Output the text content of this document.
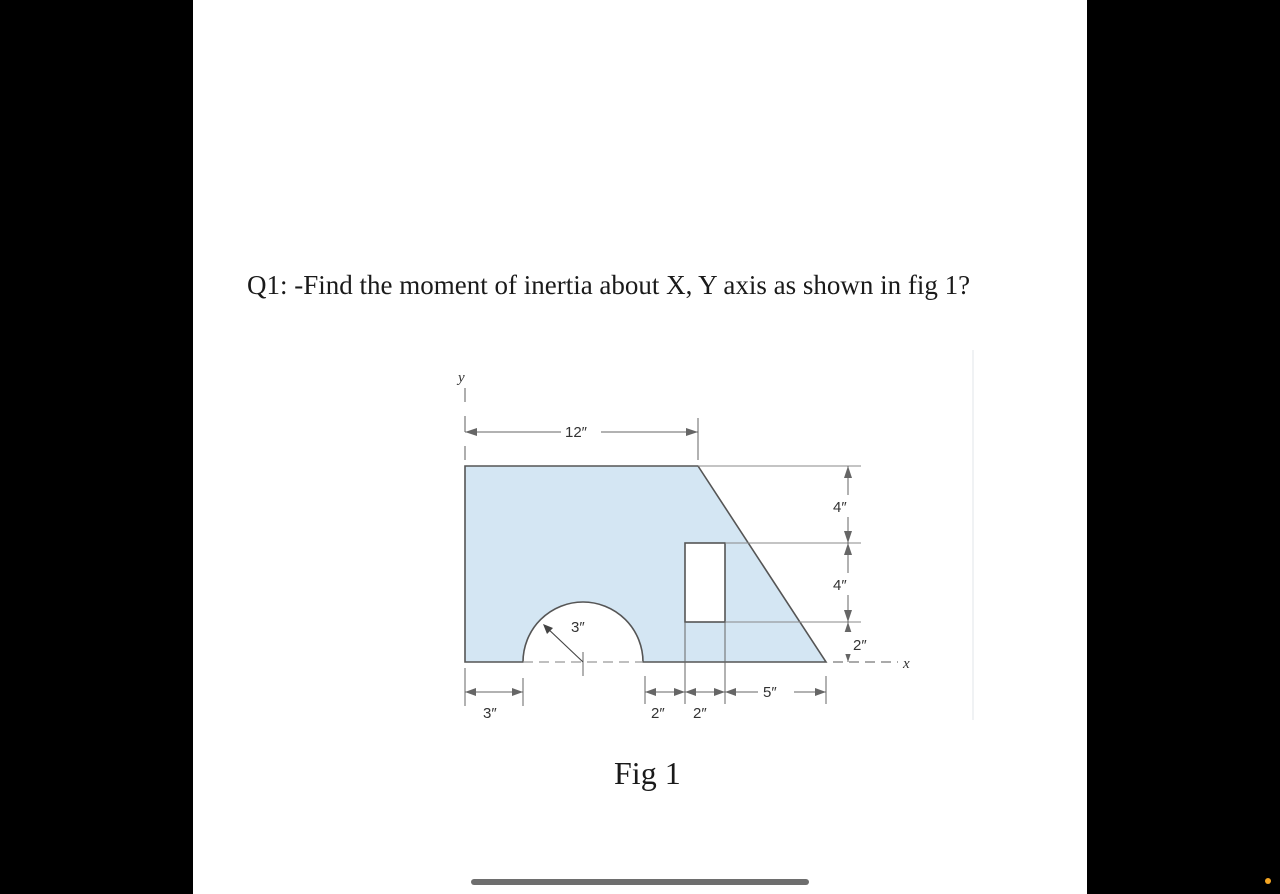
Q1: -Find the moment of inertia about X, Y axis as shown in fig 1?
y
x
12″
4″
4″
2″
3″
3″	2″ 2″
5″
Fig 1
